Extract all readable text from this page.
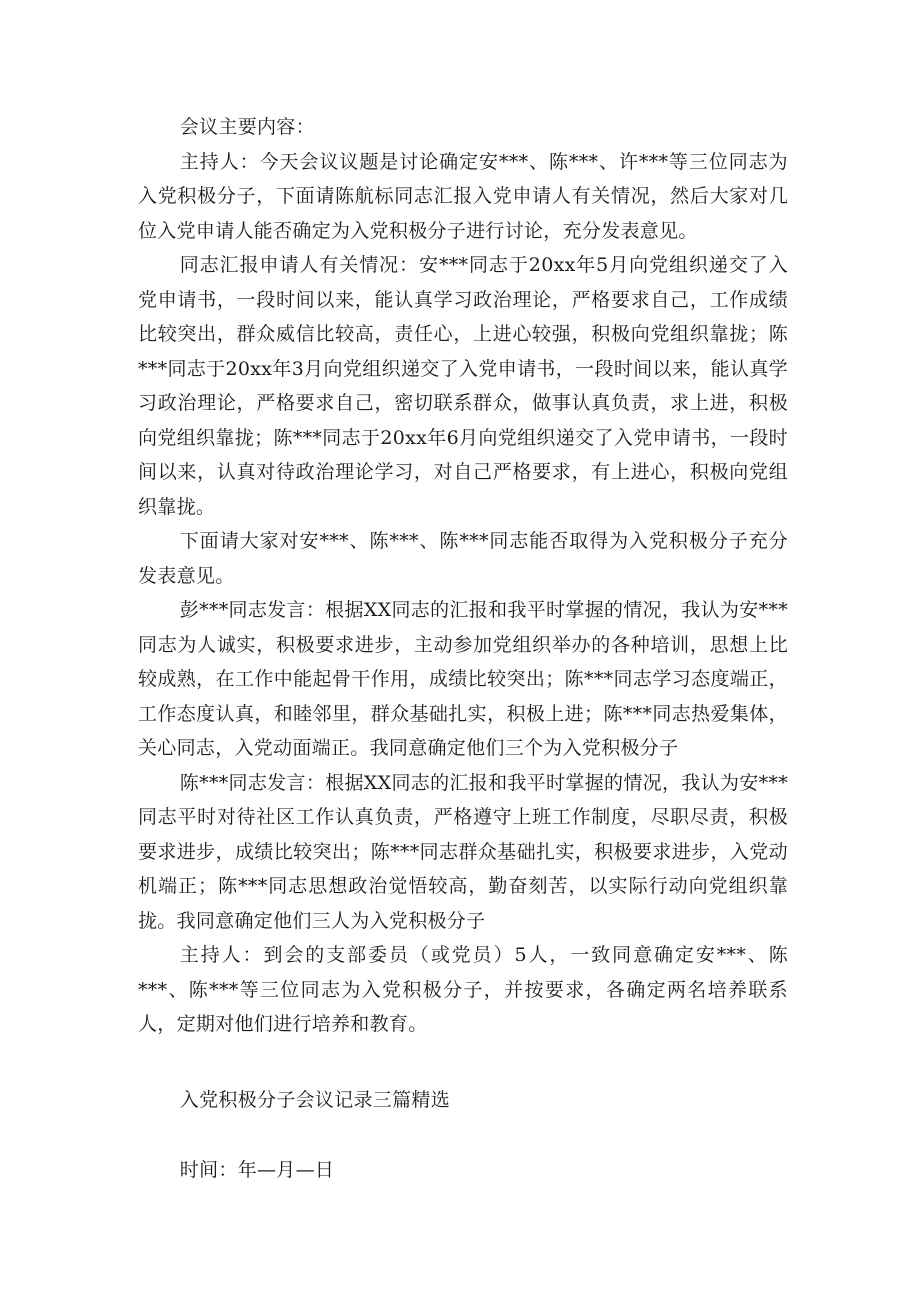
会议主要内容：

主持人：今天会议议题是讨论确定安***、陈***、许***等三位同志为入党积极分子，下面请陈航标同志汇报入党申请人有关情况，然后大家对几位入党申请人能否确定为入党积极分子进行讨论，充分发表意见。

同志汇报申请人有关情况：安***同志于20xx年5月向党组织递交了入党申请书，一段时间以来，能认真学习政治理论，严格要求自己，工作成绩比较突出，群众威信比较高，责任心，上进心较强，积极向党组织靠拢；陈***同志于20xx年3月向党组织递交了入党申请书，一段时间以来，能认真学习政治理论，严格要求自己，密切联系群众，做事认真负责，求上进，积极向党组织靠拢；陈***同志于20xx年6月向党组织递交了入党申请书，一段时间以来，认真对待政治理论学习，对自己严格要求，有上进心，积极向党组织靠拢。

下面请大家对安***、陈***、陈***同志能否取得为入党积极分子充分发表意见。

彭***同志发言：根据XX同志的汇报和我平时掌握的情况，我认为安***同志为人诚实，积极要求进步，主动参加党组织举办的各种培训，思想上比较成熟，在工作中能起骨干作用，成绩比较突出；陈***同志学习态度端正，工作态度认真，和睦邻里，群众基础扎实，积极上进；陈***同志热爱集体，关心同志，入党动面端正。我同意确定他们三个为入党积极分子

陈***同志发言：根据XX同志的汇报和我平时掌握的情况，我认为安***同志平时对待社区工作认真负责，严格遵守上班工作制度，尽职尽责，积极要求进步，成绩比较突出；陈***同志群众基础扎实，积极要求进步，入党动机端正；陈***同志思想政治觉悟较高，勤奋刻苦，以实际行动向党组织靠拢。我同意确定他们三人为入党积极分子

主持人：到会的支部委员（或党员）5人，一致同意确定安***、陈***、陈***等三位同志为入党积极分子，并按要求，各确定两名培养联系人，定期对他们进行培养和教育。

入党积极分子会议记录三篇精选

时间：年—月—日
